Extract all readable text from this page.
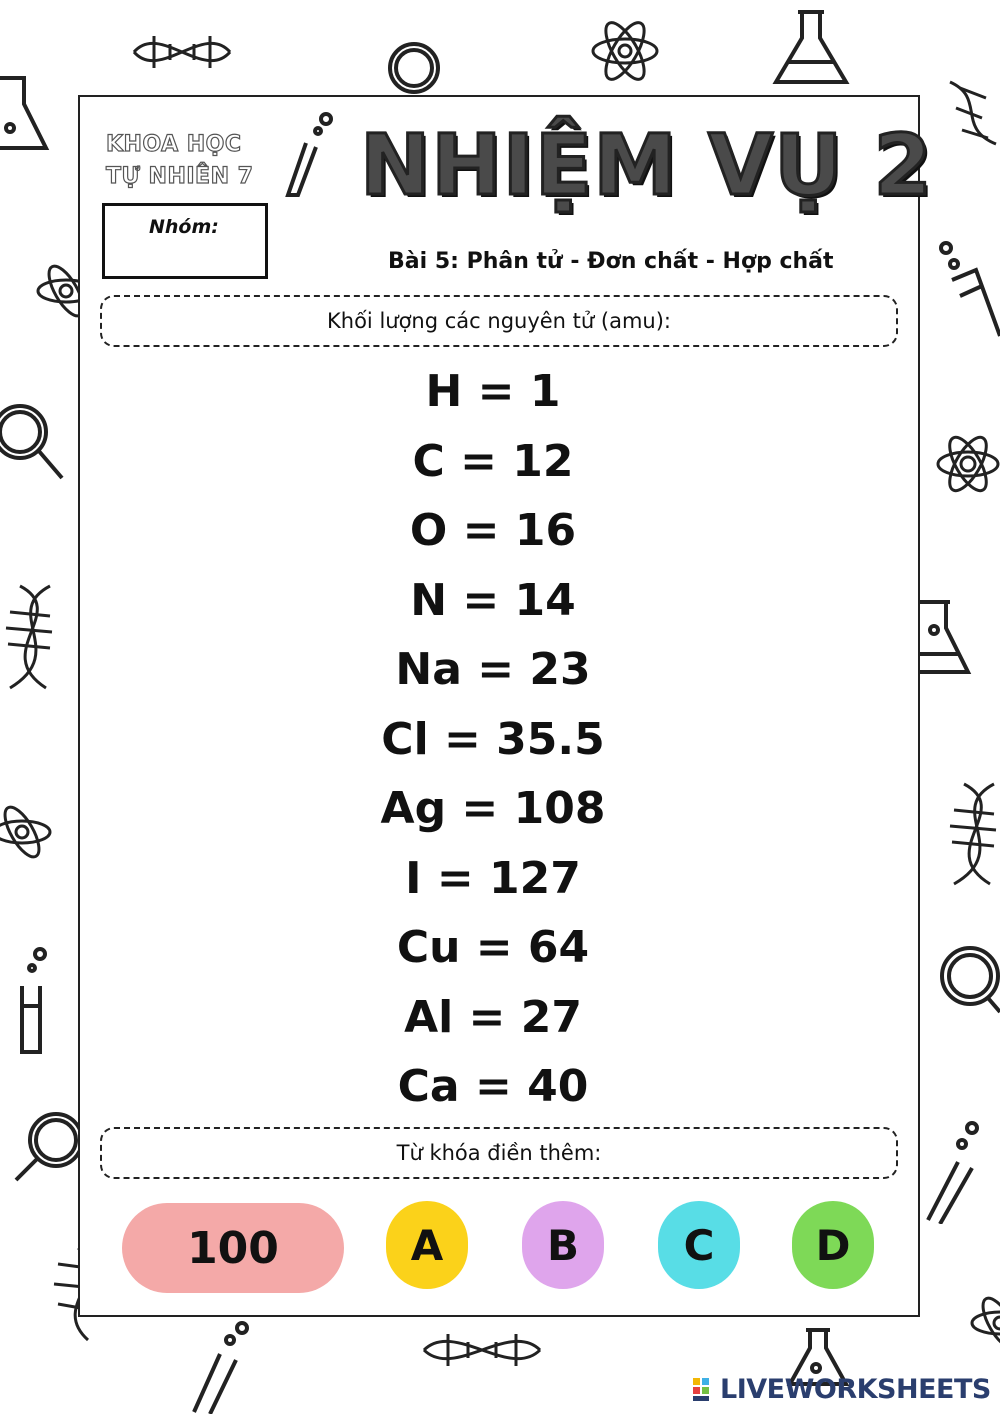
KHOA HỌC
TỰ NHIÊN 7
Nhóm:
NHIỆM VỤ 2
Bài 5: Phân tử - Đơn chất - Hợp chất
Khối lượng các nguyên tử (amu):
H = 1
C = 12
O = 16
N = 14
Na = 23
Cl = 35.5
Ag = 108
I = 127
Cu = 64
Al = 27
Ca = 40
Từ khóa điền thêm:
100	A	B	C	D
LIVEWORKSHEETS
